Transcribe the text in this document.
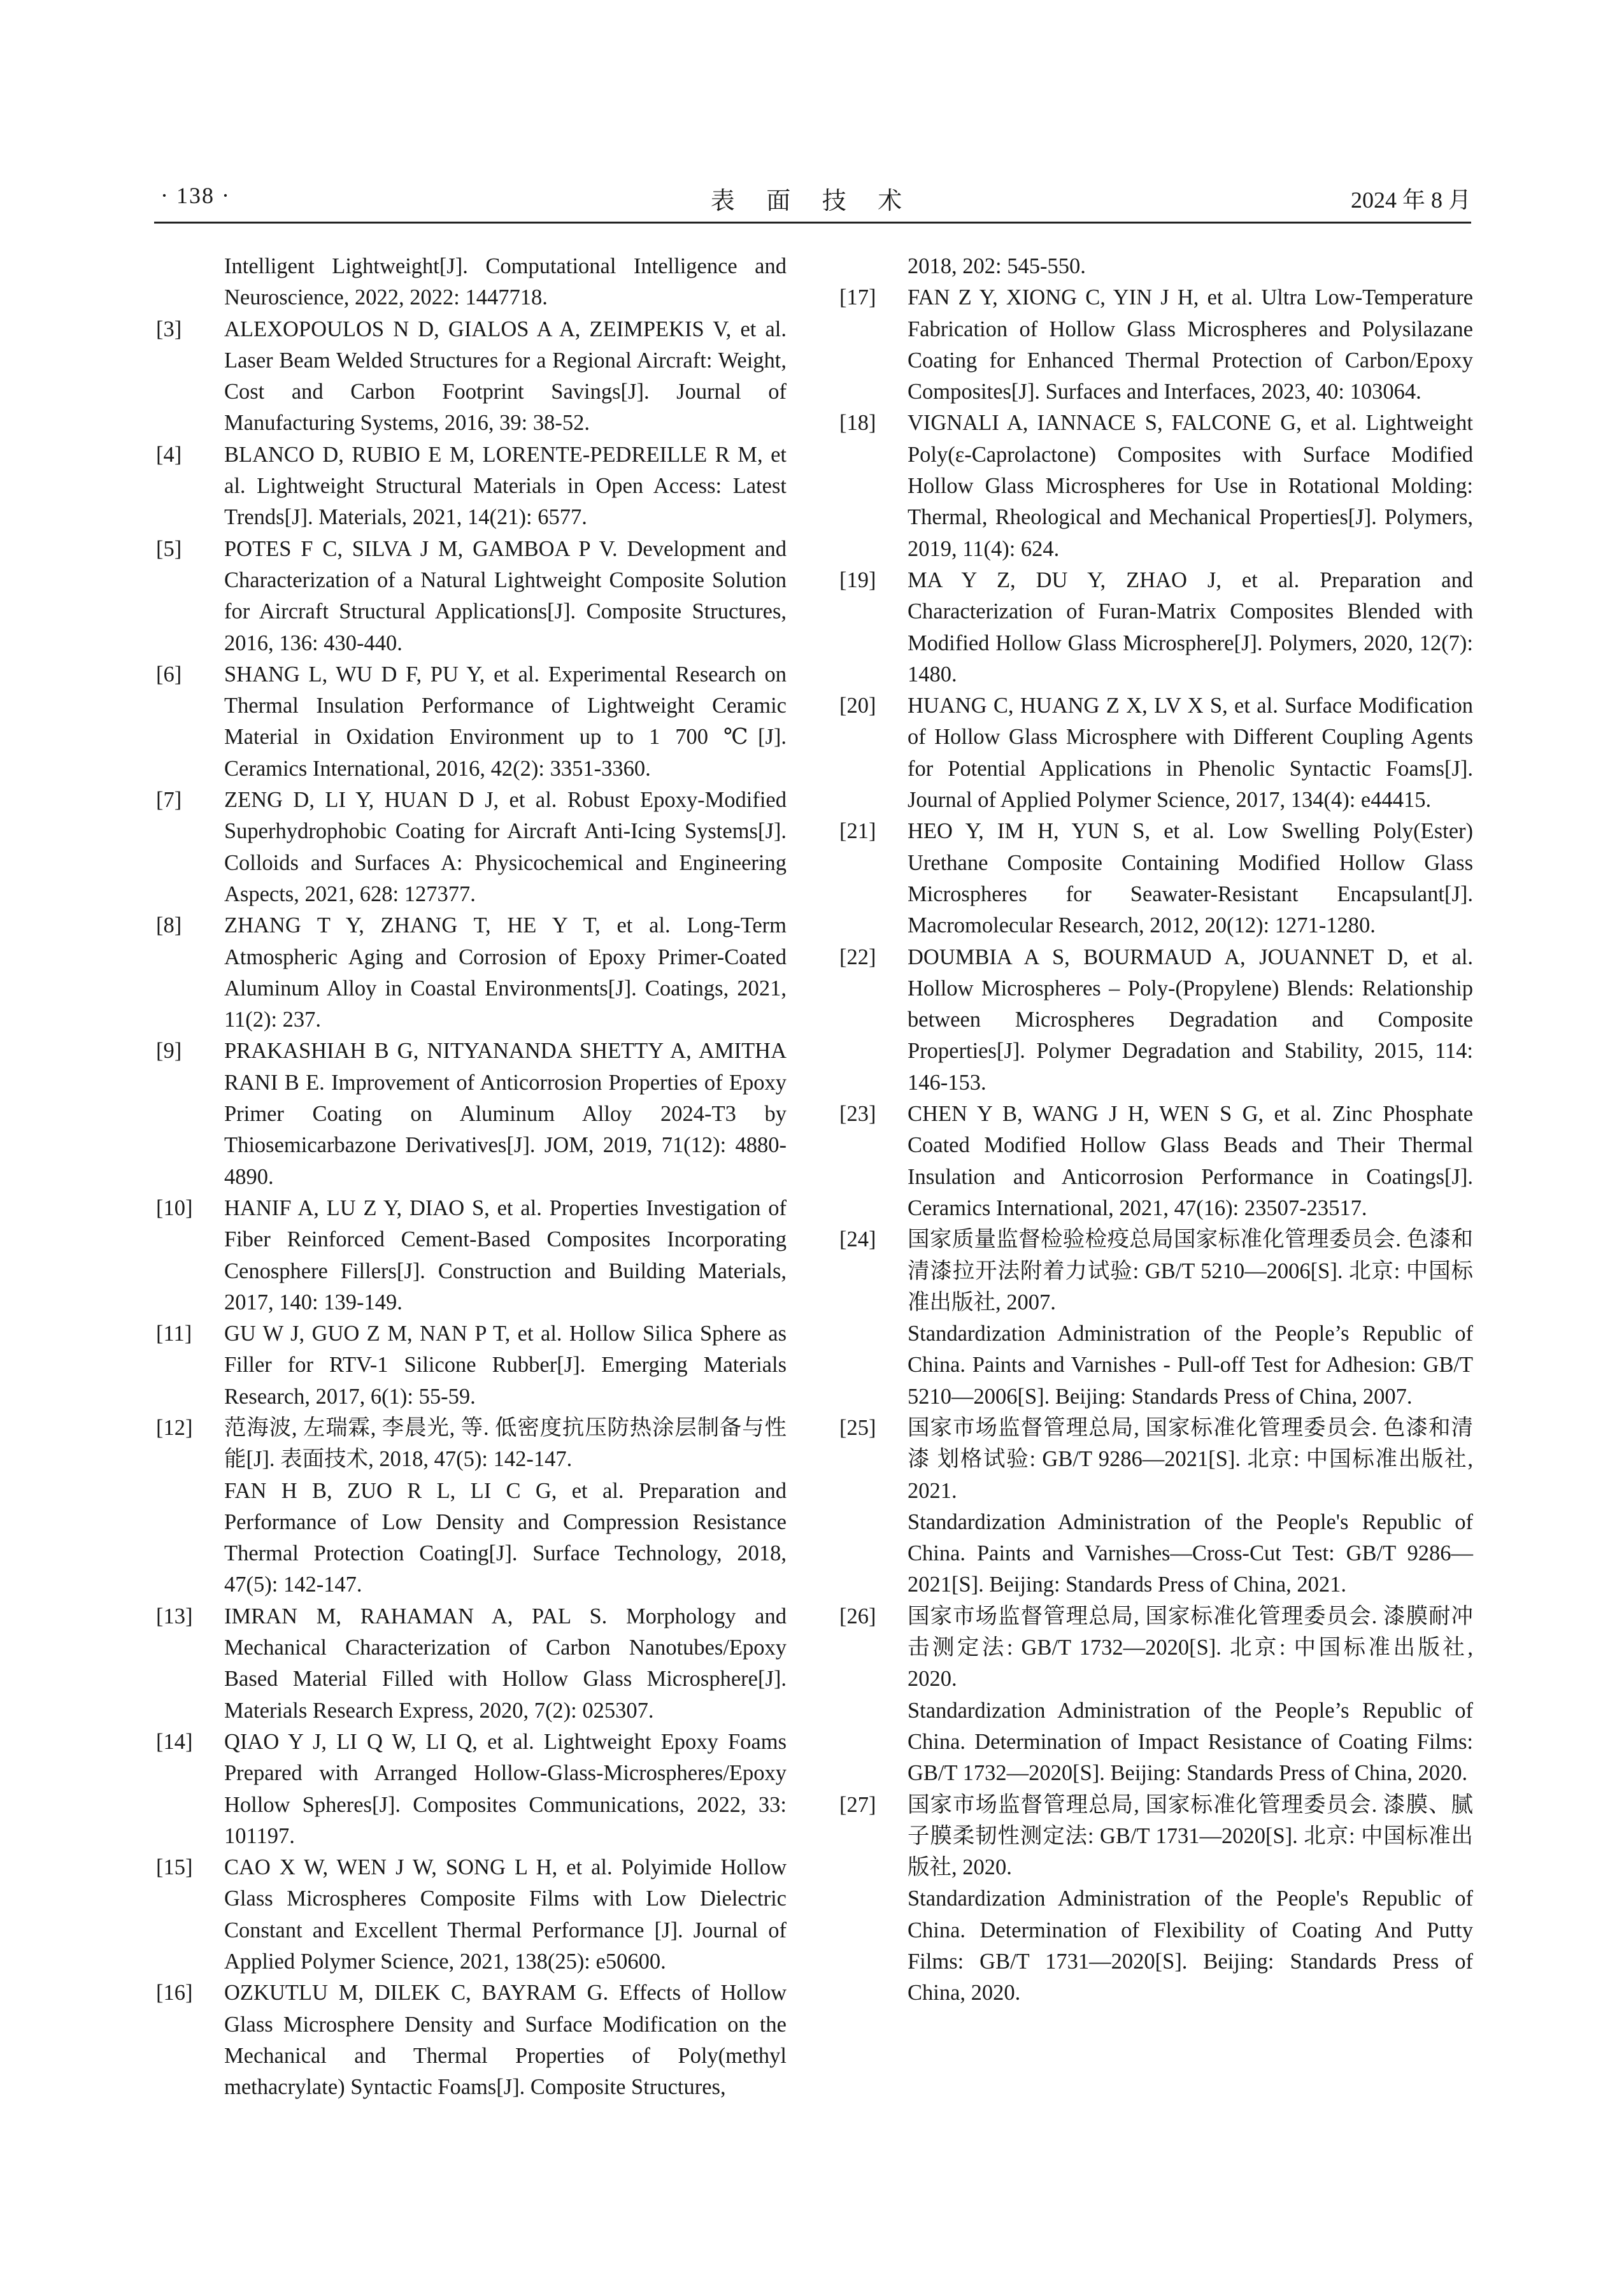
· 138 ·	表 面 技 术	2024 年 8 月
Intelligent Lightweight[J]. Computational Intelligence and Neuroscience, 2022, 2022: 1447718.
[3] ALEXOPOULOS N D, GIALOS A A, ZEIMPEKIS V, et al. Laser Beam Welded Structures for a Regional Aircraft: Weight, Cost and Carbon Footprint Savings[J]. Journal of Manufacturing Systems, 2016, 39: 38-52.
[4] BLANCO D, RUBIO E M, LORENTE-PEDREILLE R M, et al. Lightweight Structural Materials in Open Access: Latest Trends[J]. Materials, 2021, 14(21): 6577.
[5] POTES F C, SILVA J M, GAMBOA P V. Development and Characterization of a Natural Lightweight Composite Solution for Aircraft Structural Applications[J]. Composite Structures, 2016, 136: 430-440.
[6] SHANG L, WU D F, PU Y, et al. Experimental Research on Thermal Insulation Performance of Lightweight Ceramic Material in Oxidation Environment up to 1 700 ℃[J]. Ceramics International, 2016, 42(2): 3351-3360.
[7] ZENG D, LI Y, HUAN D J, et al. Robust Epoxy-Modified Superhydrophobic Coating for Aircraft Anti-Icing Systems[J]. Colloids and Surfaces A: Physicochemical and Engineering Aspects, 2021, 628: 127377.
[8] ZHANG T Y, ZHANG T, HE Y T, et al. Long-Term Atmospheric Aging and Corrosion of Epoxy Primer-Coated Aluminum Alloy in Coastal Environments[J]. Coatings, 2021, 11(2): 237.
[9] PRAKASHIAH B G, NITYANANDA SHETTY A, AMITHA RANI B E. Improvement of Anticorrosion Properties of Epoxy Primer Coating on Aluminum Alloy 2024-T3 by Thiosemicarbazone Derivatives[J]. JOM, 2019, 71(12): 4880-4890.
[10] HANIF A, LU Z Y, DIAO S, et al. Properties Investigation of Fiber Reinforced Cement-Based Composites Incorporating Cenosphere Fillers[J]. Construction and Building Materials, 2017, 140: 139-149.
[11] GU W J, GUO Z M, NAN P T, et al. Hollow Silica Sphere as Filler for RTV-1 Silicone Rubber[J]. Emerging Materials Research, 2017, 6(1): 55-59.
[12] 范海波, 左瑞霖, 李晨光, 等. 低密度抗压防热涂层制备与性能[J]. 表面技术, 2018, 47(5): 142-147.
FAN H B, ZUO R L, LI C G, et al. Preparation and Performance of Low Density and Compression Resistance Thermal Protection Coating[J]. Surface Technology, 2018, 47(5): 142-147.
[13] IMRAN M, RAHAMAN A, PAL S. Morphology and Mechanical Characterization of Carbon Nanotubes/Epoxy Based Material Filled with Hollow Glass Microsphere[J]. Materials Research Express, 2020, 7(2): 025307.
[14] QIAO Y J, LI Q W, LI Q, et al. Lightweight Epoxy Foams Prepared with Arranged Hollow-Glass-Microspheres/Epoxy Hollow Spheres[J]. Composites Communications, 2022, 33: 101197.
[15] CAO X W, WEN J W, SONG L H, et al. Polyimide Hollow Glass Microspheres Composite Films with Low Dielectric Constant and Excellent Thermal Performance [J]. Journal of Applied Polymer Science, 2021, 138(25): e50600.
[16] OZKUTLU M, DILEK C, BAYRAM G. Effects of Hollow Glass Microsphere Density and Surface Modification on the Mechanical and Thermal Properties of Poly(methyl methacrylate) Syntactic Foams[J]. Composite Structures,
2018, 202: 545-550.
[17] FAN Z Y, XIONG C, YIN J H, et al. Ultra Low-Temperature Fabrication of Hollow Glass Microspheres and Polysilazane Coating for Enhanced Thermal Protection of Carbon/Epoxy Composites[J]. Surfaces and Interfaces, 2023, 40: 103064.
[18] VIGNALI A, IANNACE S, FALCONE G, et al. Lightweight Poly(ε-Caprolactone) Composites with Surface Modified Hollow Glass Microspheres for Use in Rotational Molding: Thermal, Rheological and Mechanical Properties[J]. Polymers, 2019, 11(4): 624.
[19] MA Y Z, DU Y, ZHAO J, et al. Preparation and Characterization of Furan-Matrix Composites Blended with Modified Hollow Glass Microsphere[J]. Polymers, 2020, 12(7): 1480.
[20] HUANG C, HUANG Z X, LV X S, et al. Surface Modification of Hollow Glass Microsphere with Different Coupling Agents for Potential Applications in Phenolic Syntactic Foams[J]. Journal of Applied Polymer Science, 2017, 134(4): e44415.
[21] HEO Y, IM H, YUN S, et al. Low Swelling Poly(Ester) Urethane Composite Containing Modified Hollow Glass Microspheres for Seawater-Resistant Encapsulant[J]. Macromolecular Research, 2012, 20(12): 1271-1280.
[22] DOUMBIA A S, BOURMAUD A, JOUANNET D, et al. Hollow Microspheres – Poly-(Propylene) Blends: Relationship between Microspheres Degradation and Composite Properties[J]. Polymer Degradation and Stability, 2015, 114: 146-153.
[23] CHEN Y B, WANG J H, WEN S G, et al. Zinc Phosphate Coated Modified Hollow Glass Beads and Their Thermal Insulation and Anticorrosion Performance in Coatings[J]. Ceramics International, 2021, 47(16): 23507-23517.
[24] 国家质量监督检验检疫总局国家标准化管理委员会. 色漆和清漆拉开法附着力试验: GB/T 5210—2006[S]. 北京: 中国标准出版社, 2007.
Standardization Administration of the People’s Republic of China. Paints and Varnishes - Pull-off Test for Adhesion: GB/T 5210—2006[S]. Beijing: Standards Press of China, 2007.
[25] 国家市场监督管理总局, 国家标准化管理委员会. 色漆和清漆 划格试验: GB/T 9286—2021[S]. 北京: 中国标准出版社, 2021.
Standardization Administration of the People's Republic of China. Paints and Varnishes—Cross-Cut Test: GB/T 9286—2021[S]. Beijing: Standards Press of China, 2021.
[26] 国家市场监督管理总局, 国家标准化管理委员会. 漆膜耐冲击测定法: GB/T 1732—2020[S]. 北京: 中国标准出版社, 2020.
Standardization Administration of the People’s Republic of China. Determination of Impact Resistance of Coating Films: GB/T 1732—2020[S]. Beijing: Standards Press of China, 2020.
[27] 国家市场监督管理总局, 国家标准化管理委员会. 漆膜、腻子膜柔韧性测定法: GB/T 1731—2020[S]. 北京: 中国标准出版社, 2020.
Standardization Administration of the People's Republic of China. Determination of Flexibility of Coating And Putty Films: GB/T 1731—2020[S]. Beijing: Standards Press of China, 2020.
